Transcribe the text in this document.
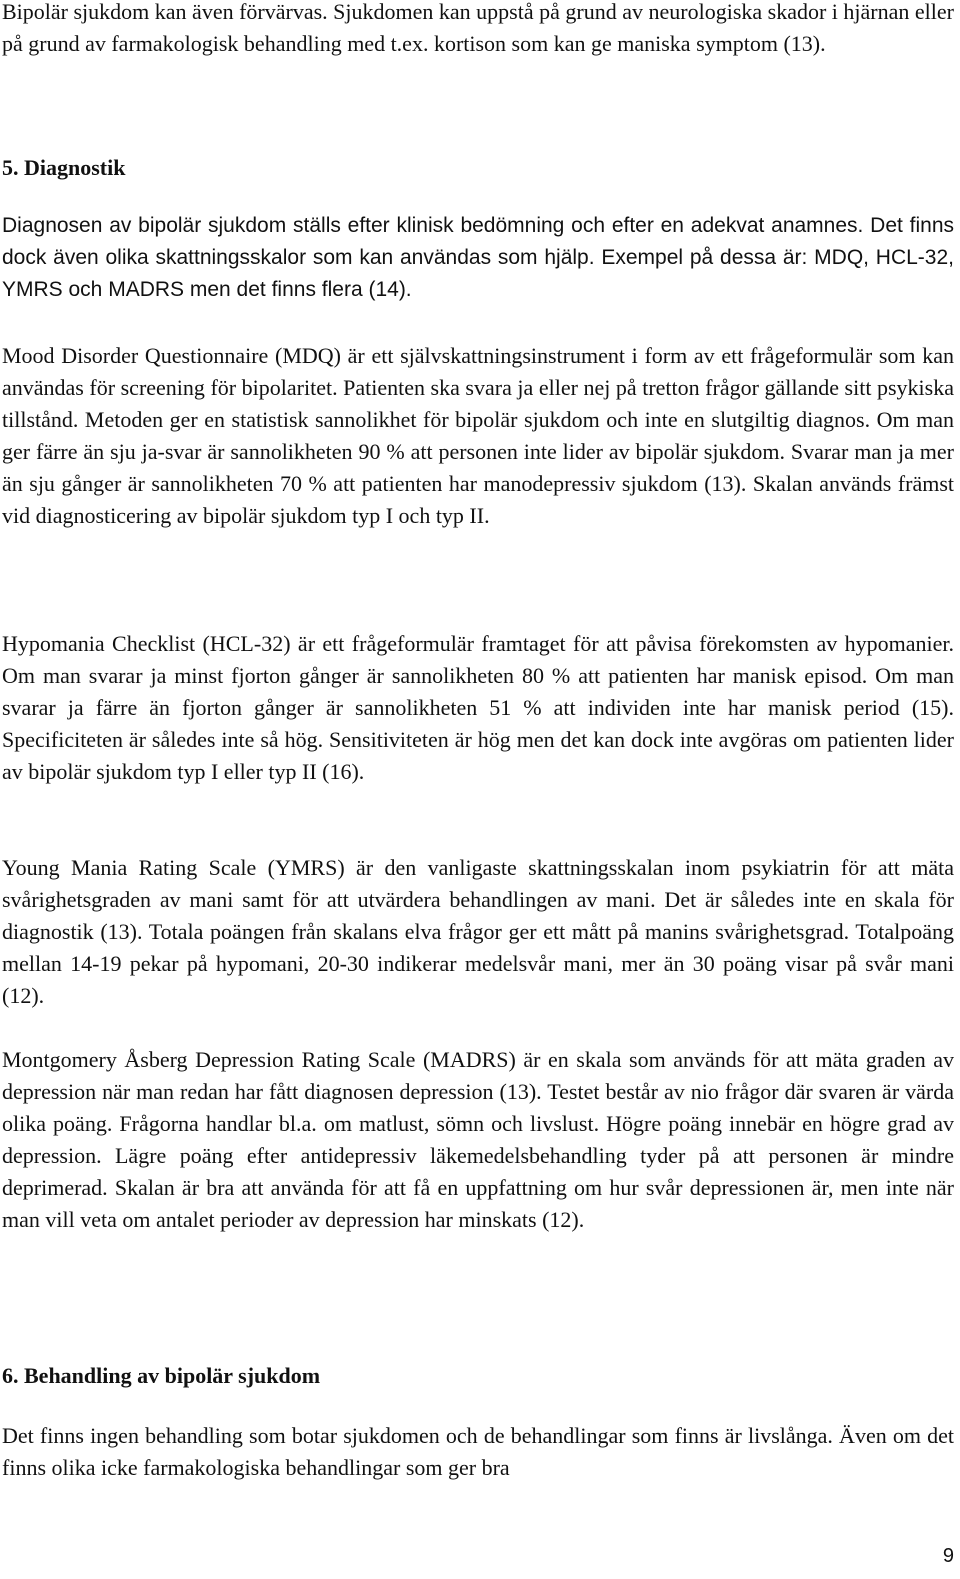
Bipolär sjukdom kan även förvärvas. Sjukdomen kan uppstå på grund av neurologiska skador i hjärnan eller på grund av farmakologisk behandling med t.ex. kortison som kan ge maniska symptom (13).

5. Diagnostik

Diagnosen av bipolär sjukdom ställs efter klinisk bedömning och efter en adekvat anamnes. Det finns dock även olika skattningsskalor som kan användas som hjälp. Exempel på dessa är: MDQ, HCL-32, YMRS och MADRS men det finns flera (14).

Mood Disorder Questionnaire (MDQ) är ett självskattningsinstrument i form av ett frågeformulär som kan användas för screening för bipolaritet. Patienten ska svara ja eller nej på tretton frågor gällande sitt psykiska tillstånd. Metoden ger en statistisk sannolikhet för bipolär sjukdom och inte en slutgiltig diagnos. Om man ger färre än sju ja-svar är sannolikheten 90 % att personen inte lider av bipolär sjukdom. Svarar man ja mer än sju gånger är sannolikheten 70 % att patienten har manodepressiv sjukdom (13). Skalan används främst vid diagnosticering av bipolär sjukdom typ I och typ II.

Hypomania Checklist (HCL-32) är ett frågeformulär framtaget för att påvisa förekomsten av hypomanier. Om man svarar ja minst fjorton gånger är sannolikheten 80 % att patienten har manisk episod. Om man svarar ja färre än fjorton gånger är sannolikheten 51 % att individen inte har manisk period (15). Specificiteten är således inte så hög. Sensitiviteten är hög men det kan dock inte avgöras om patienten lider av bipolär sjukdom typ I eller typ II (16).

Young Mania Rating Scale (YMRS) är den vanligaste skattningsskalan inom psykiatrin för att mäta svårighetsgraden av mani samt för att utvärdera behandlingen av mani. Det är således inte en skala för diagnostik (13). Totala poängen från skalans elva frågor ger ett mått på manins svårighetsgrad. Totalpoäng mellan 14-19 pekar på hypomani, 20-30 indikerar medelsvår mani, mer än 30 poäng visar på svår mani (12).

Montgomery Åsberg Depression Rating Scale (MADRS) är en skala som används för att mäta graden av depression när man redan har fått diagnosen depression (13). Testet består av nio frågor där svaren är värda olika poäng. Frågorna handlar bl.a. om matlust, sömn och livslust. Högre poäng innebär en högre grad av depression. Lägre poäng efter antidepressiv läkemedelsbehandling tyder på att personen är mindre deprimerad. Skalan är bra att använda för att få en uppfattning om hur svår depressionen är, men inte när man vill veta om antalet perioder av depression har minskats (12).

6. Behandling av bipolär sjukdom

Det finns ingen behandling som botar sjukdomen och de behandlingar som finns är livslånga. Även om det finns olika icke farmakologiska behandlingar som ger bra

9
